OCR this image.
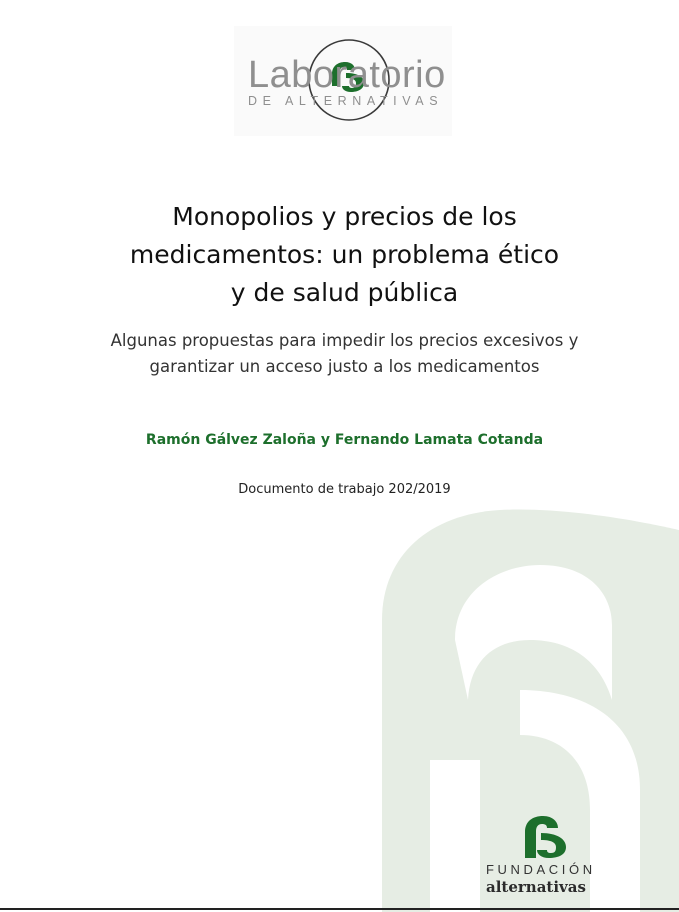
Laboratorio
DE ALTERNATIVAS
Monopolios y precios de los
medicamentos: un problema ético
y de salud pública
Algunas propuestas para impedir los precios excesivos y
garantizar un acceso justo a los medicamentos
Ramón Gálvez Zaloña y Fernando Lamata Cotanda
Documento de trabajo 202/2019
FUNDACIÓN
alternativas
